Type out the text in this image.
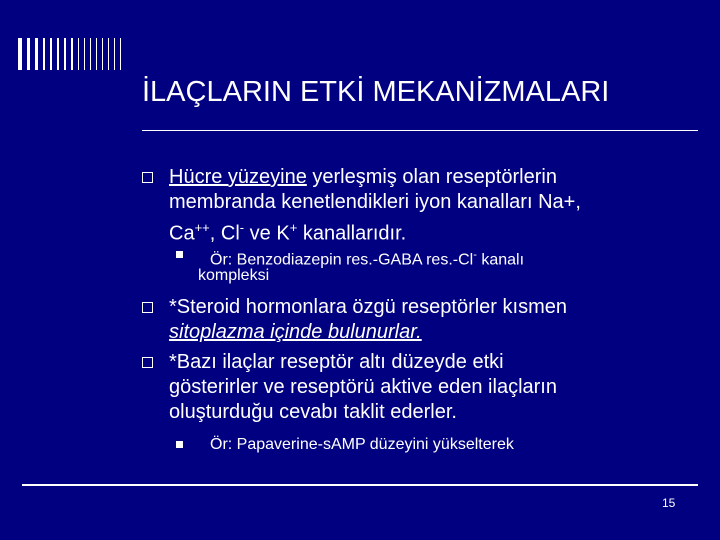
İLAÇLARIN ETKİ MEKANİZMALARI
Hücre yüzeyine yerleşmiş olan reseptörlerin
membranda kenetlendikleri iyon kanalları Na+,
Ca++, Cl- ve K+ kanallarıdır.
Ör: Benzodiazepin res.-GABA res.-Cl- kanalı
kompleksi
*Steroid hormonlara özgü reseptörler kısmen
sitoplazma içinde bulunurlar.
*Bazı ilaçlar reseptör altı düzeyde etki
gösterirler ve reseptörü aktive eden ilaçların
oluşturduğu cevabı taklit ederler.
Ör: Papaverine-sAMP düzeyini yükselterek
15
